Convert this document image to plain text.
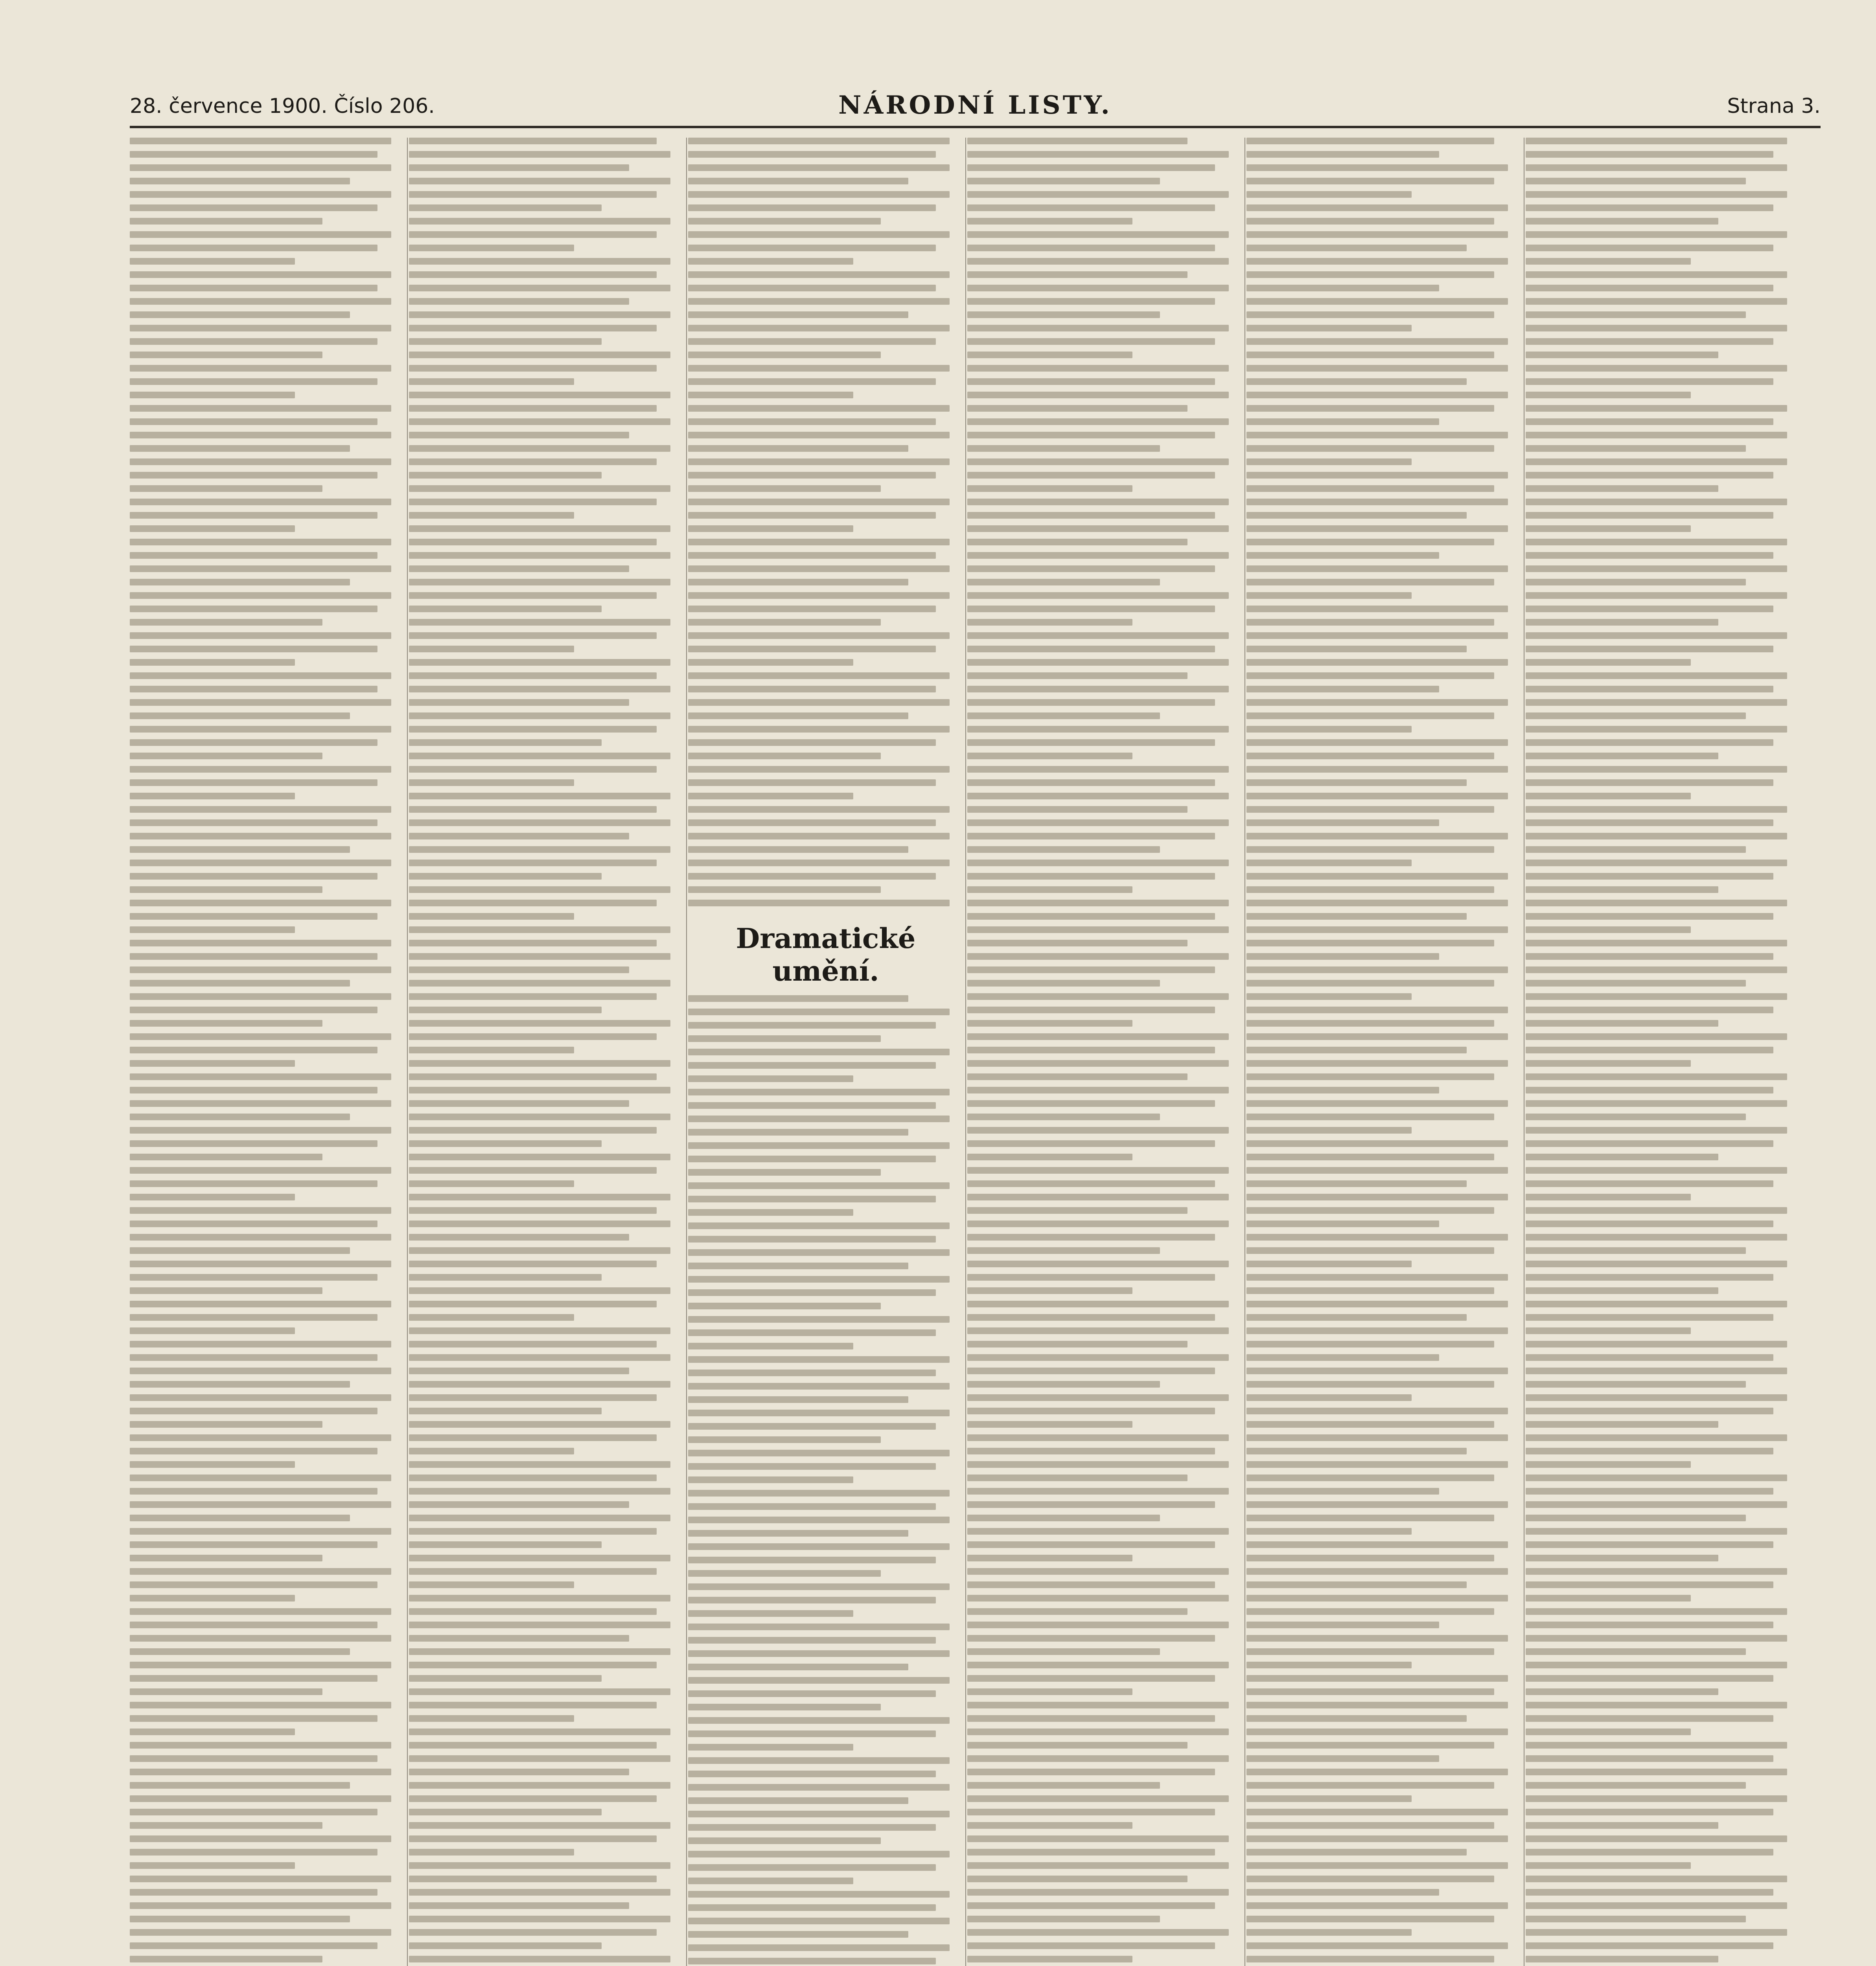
28. července 1900. Číslo 206.	NÁRODNÍ LISTY.	Strana 3.
Dramatické umění.
